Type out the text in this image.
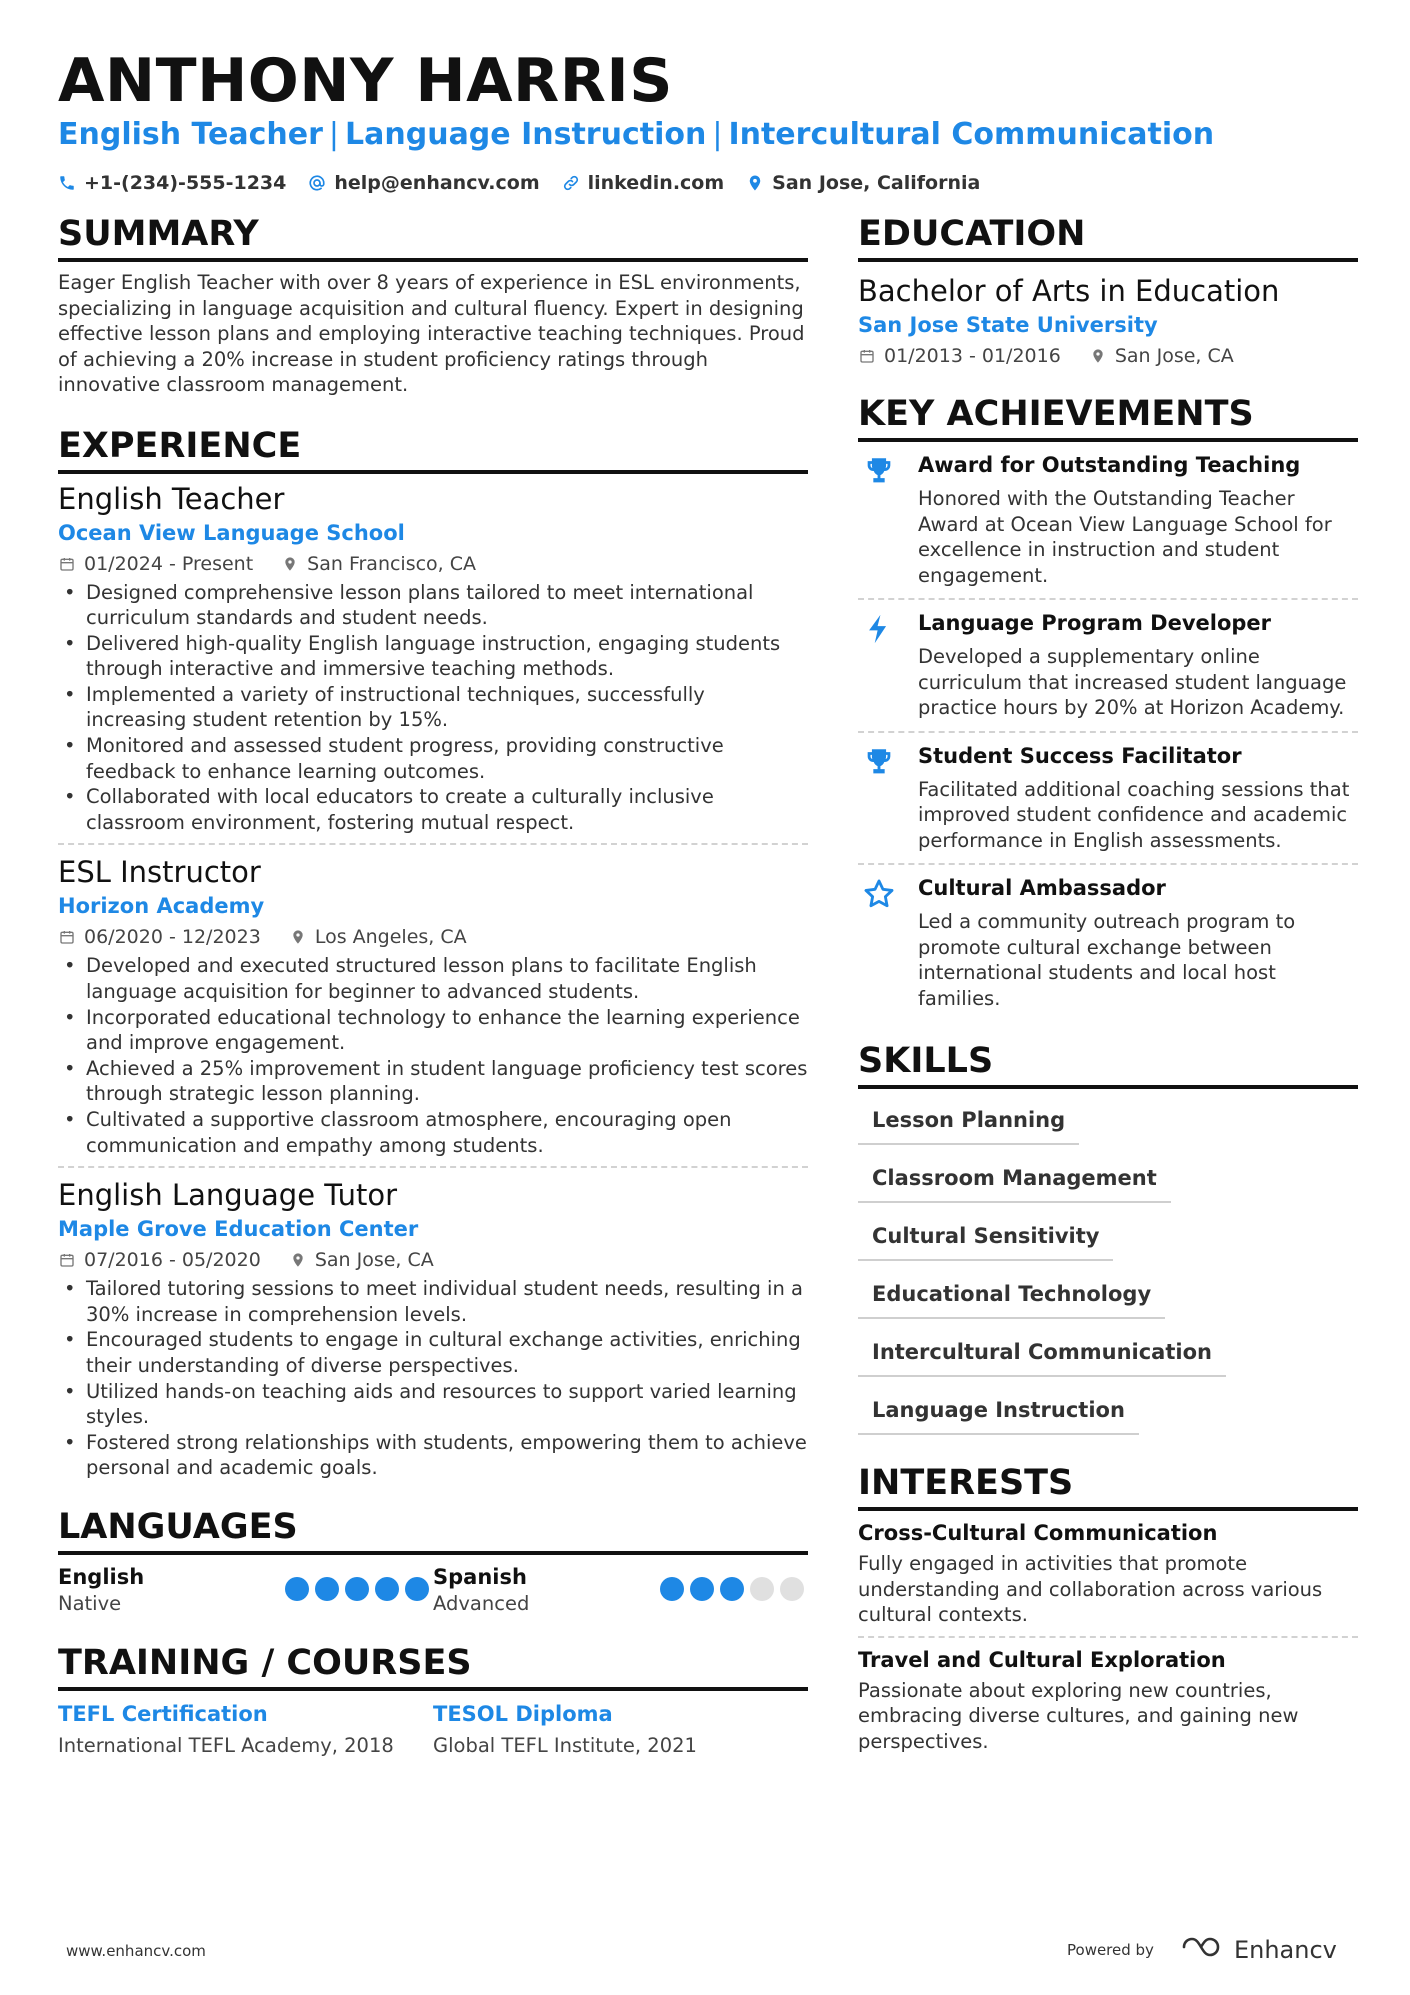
ANTHONY HARRIS
English Teacher | Language Instruction | Intercultural Communication
+1-(234)-555-1234	help@enhancv.com	linkedin.com	San Jose, California
SUMMARY
Eager English Teacher with over 8 years of experience in ESL environments, specializing in language acquisition and cultural fluency. Expert in designing effective lesson plans and employing interactive teaching techniques. Proud of achieving a 20% increase in student proficiency ratings through innovative classroom management.
EXPERIENCE
English Teacher
Ocean View Language School
01/2024 - Present	San Francisco, CA
• Designed comprehensive lesson plans tailored to meet international curriculum standards and student needs.
• Delivered high-quality English language instruction, engaging students through interactive and immersive teaching methods.
• Implemented a variety of instructional techniques, successfully increasing student retention by 15%.
• Monitored and assessed student progress, providing constructive feedback to enhance learning outcomes.
• Collaborated with local educators to create a culturally inclusive classroom environment, fostering mutual respect.
ESL Instructor
Horizon Academy
06/2020 - 12/2023	Los Angeles, CA
• Developed and executed structured lesson plans to facilitate English language acquisition for beginner to advanced students.
• Incorporated educational technology to enhance the learning experience and improve engagement.
• Achieved a 25% improvement in student language proficiency test scores through strategic lesson planning.
• Cultivated a supportive classroom atmosphere, encouraging open communication and empathy among students.
English Language Tutor
Maple Grove Education Center
07/2016 - 05/2020	San Jose, CA
• Tailored tutoring sessions to meet individual student needs, resulting in a 30% increase in comprehension levels.
• Encouraged students to engage in cultural exchange activities, enriching their understanding of diverse perspectives.
• Utilized hands-on teaching aids and resources to support varied learning styles.
• Fostered strong relationships with students, empowering them to achieve personal and academic goals.
LANGUAGES
English
Native
Spanish
Advanced
TRAINING / COURSES
TEFL Certification
International TEFL Academy, 2018
TESOL Diploma
Global TEFL Institute, 2021
EDUCATION
Bachelor of Arts in Education
San Jose State University
01/2013 - 01/2016	San Jose, CA
KEY ACHIEVEMENTS
Award for Outstanding Teaching
Honored with the Outstanding Teacher Award at Ocean View Language School for excellence in instruction and student engagement.
Language Program Developer
Developed a supplementary online curriculum that increased student language practice hours by 20% at Horizon Academy.
Student Success Facilitator
Facilitated additional coaching sessions that improved student confidence and academic performance in English assessments.
Cultural Ambassador
Led a community outreach program to promote cultural exchange between international students and local host families.
SKILLS
Lesson Planning
Classroom Management
Cultural Sensitivity
Educational Technology
Intercultural Communication
Language Instruction
INTERESTS
Cross-Cultural Communication
Fully engaged in activities that promote understanding and collaboration across various cultural contexts.
Travel and Cultural Exploration
Passionate about exploring new countries, embracing diverse cultures, and gaining new perspectives.
www.enhancv.com	Powered by	Enhancv
